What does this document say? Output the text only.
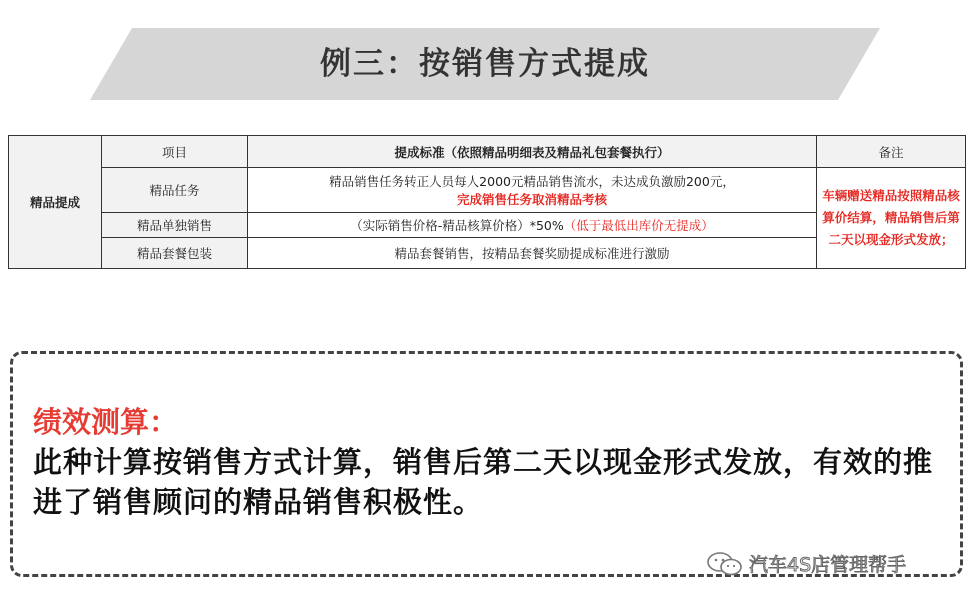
例三：按销售方式提成
精品提成	项目	提成标准（依照精品明细表及精品礼包套餐执行）	备注
	精品任务	精品销售任务转正人员每人2000元精品销售流水，未达成负激励200元，
完成销售任务取消精品考核	车辆赠送精品按照精品核算价结算，精品销售后第二天以现金形式发放；

	精品单独销售	（实际销售价格-精品核算价格）*50%（低于最低出库价无提成）	
	精品套餐包装	精品套餐销售，按精品套餐奖励提成标准进行激励	
绩效测算：
此种计算按销售方式计算，销售后第二天以现金形式发放，有效的推进了销售顾问的精品销售积极性。
汽车4S店管理帮手
